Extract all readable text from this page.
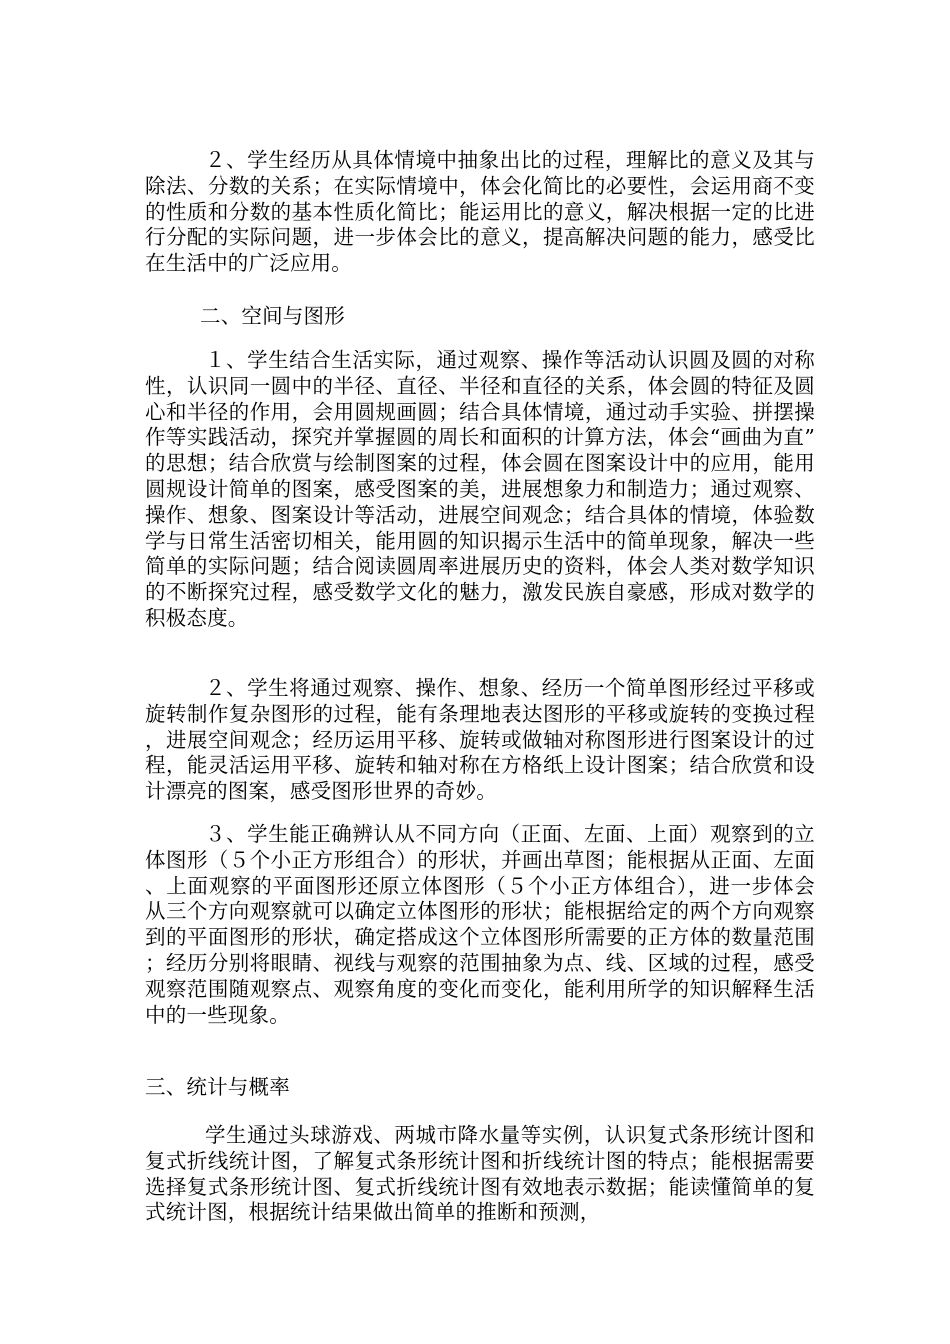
２、学生经历从具体情境中抽象出比的过程，理解比的意义及其与除法、分数的关系；在实际情境中，体会化简比的必要性，会运用商不变的性质和分数的基本性质化简比；能运用比的意义，解决根据一定的比进行分配的实际问题，进一步体会比的意义，提高解决问题的能力，感受比在生活中的广泛应用。

二、空间与图形

１、学生结合生活实际，通过观察、操作等活动认识圆及圆的对称性，认识同一圆中的半径、直径、半径和直径的关系，体会圆的特征及圆心和半径的作用，会用圆规画圆；结合具体情境，通过动手实验、拼摆操作等实践活动，探究并掌握圆的周长和面积的计算方法，体会“画曲为直”的思想；结合欣赏与绘制图案的过程，体会圆在图案设计中的应用，能用圆规设计简单的图案，感受图案的美，进展想象力和制造力；通过观察、操作、想象、图案设计等活动，进展空间观念；结合具体的情境，体验数学与日常生活密切相关，能用圆的知识揭示生活中的简单现象，解决一些简单的实际问题；结合阅读圆周率进展历史的资料，体会人类对数学知识的不断探究过程，感受数学文化的魅力，激发民族自豪感，形成对数学的积极态度。

２、学生将通过观察、操作、想象、经历一个简单图形经过平移或旋转制作复杂图形的过程，能有条理地表达图形的平移或旋转的变换过程，进展空间观念；经历运用平移、旋转或做轴对称图形进行图案设计的过程，能灵活运用平移、旋转和轴对称在方格纸上设计图案；结合欣赏和设计漂亮的图案，感受图形世界的奇妙。

３、学生能正确辨认从不同方向（正面、左面、上面）观察到的立体图形（５个小正方形组合）的形状，并画出草图；能根据从正面、左面、上面观察的平面图形还原立体图形（５个小正方体组合），进一步体会从三个方向观察就可以确定立体图形的形状；能根据给定的两个方向观察到的平面图形的形状，确定搭成这个立体图形所需要的正方体的数量范围；经历分别将眼睛、视线与观察的范围抽象为点、线、区域的过程，感受观察范围随观察点、观察角度的变化而变化，能利用所学的知识解释生活中的一些现象。

三、统计与概率

学生通过头球游戏、两城市降水量等实例，认识复式条形统计图和复式折线统计图，了解复式条形统计图和折线统计图的特点；能根据需要选择复式条形统计图、复式折线统计图有效地表示数据；能读懂简单的复式统计图，根据统计结果做出简单的推断和预测，
